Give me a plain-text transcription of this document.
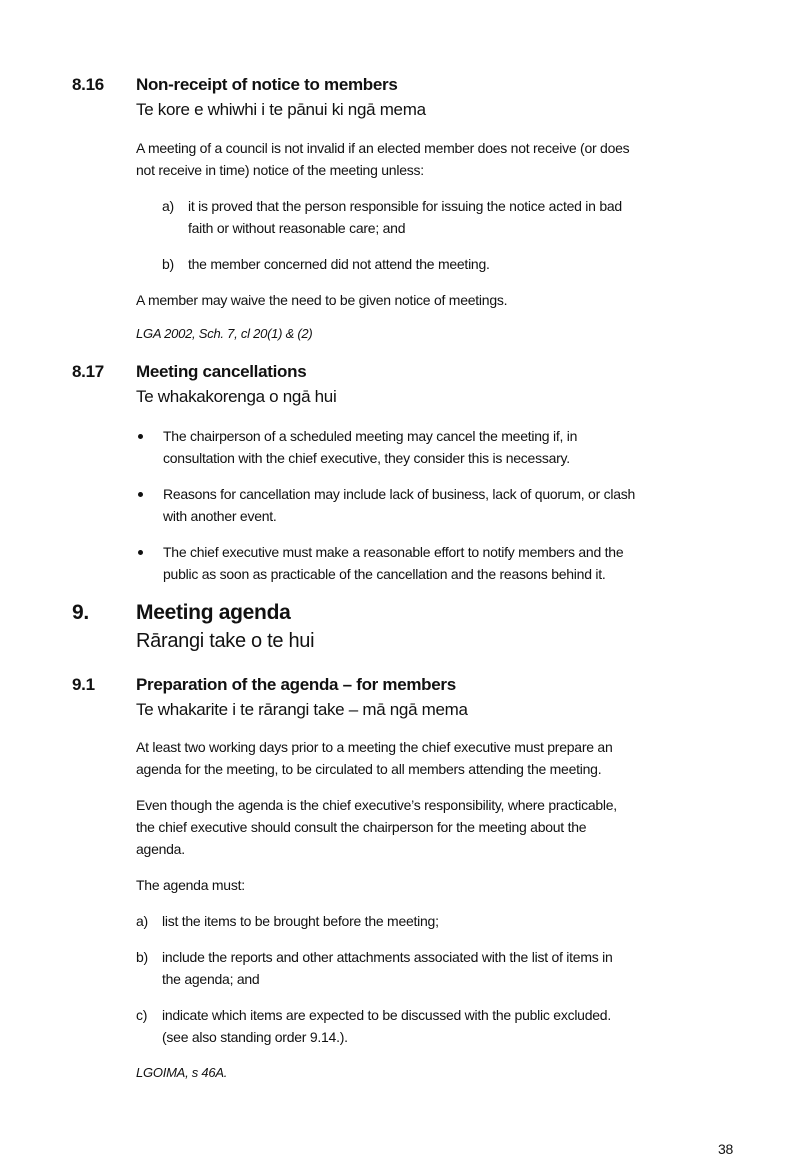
8.16 Non-receipt of notice to members
Te kore e whiwhi i te pānui ki ngā mema
A meeting of a council is not invalid if an elected member does not receive (or does
not receive in time) notice of the meeting unless:
a) it is proved that the person responsible for issuing the notice acted in bad
faith or without reasonable care; and
b) the member concerned did not attend the meeting.
A member may waive the need to be given notice of meetings.
LGA 2002, Sch. 7, cl 20(1) & (2)
8.17 Meeting cancellations
Te whakakorenga o ngā hui
The chairperson of a scheduled meeting may cancel the meeting if, in
consultation with the chief executive, they consider this is necessary.
Reasons for cancellation may include lack of business, lack of quorum, or clash
with another event.
The chief executive must make a reasonable effort to notify members and the
public as soon as practicable of the cancellation and the reasons behind it.
9. Meeting agenda
Rārangi take o te hui
9.1 Preparation of the agenda – for members
Te whakarite i te rārangi take – mā ngā mema
At least two working days prior to a meeting the chief executive must prepare an
agenda for the meeting, to be circulated to all members attending the meeting.
Even though the agenda is the chief executive’s responsibility, where practicable,
the chief executive should consult the chairperson for the meeting about the
agenda.
The agenda must:
a) list the items to be brought before the meeting;
b) include the reports and other attachments associated with the list of items in
the agenda; and
c) indicate which items are expected to be discussed with the public excluded.
(see also standing order 9.14.).
LGOIMA, s 46A.
38
